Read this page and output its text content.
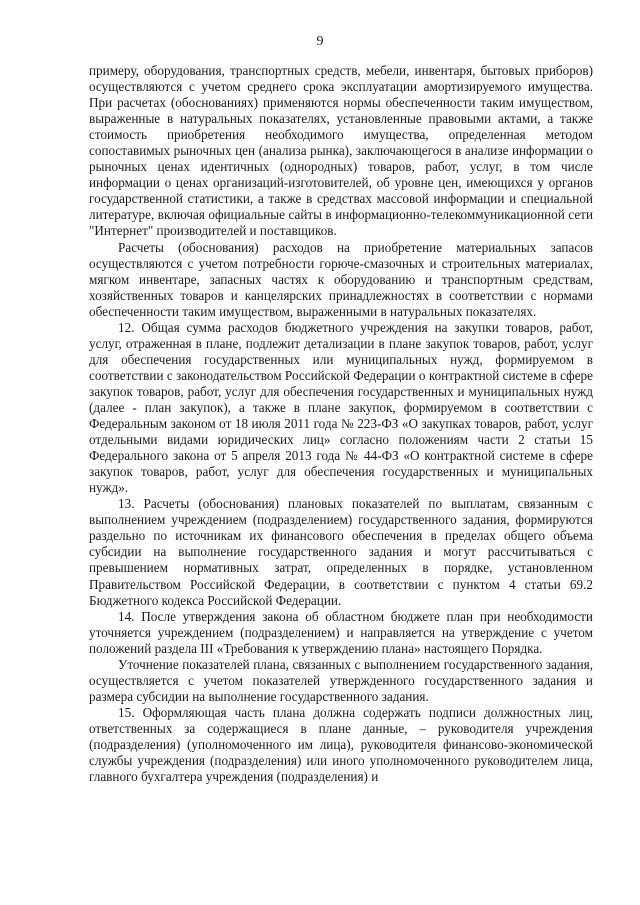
9

примеру, оборудования, транспортных средств, мебели, инвентаря, бытовых приборов) осуществляются с учетом среднего срока эксплуатации амортизируемого имущества. При расчетах (обоснованиях) применяются нормы обеспеченности таким имуществом, выраженные в натуральных показателях, установленные правовыми актами, а также стоимость приобретения необходимого имущества, определенная методом сопоставимых рыночных цен (анализа рынка), заключающегося в анализе информации о рыночных ценах идентичных (однородных) товаров, работ, услуг, в том числе информации о ценах организаций-изготовителей, об уровне цен, имеющихся у органов государственной статистики, а также в средствах массовой информации и специальной литературе, включая официальные сайты в информационно-телекоммуникационной сети "Интернет" производителей и поставщиков.

Расчеты (обоснования) расходов на приобретение материальных запасов осуществляются с учетом потребности горюче-смазочных и строительных материалах, мягком инвентаре, запасных частях к оборудованию и транспортным средствам, хозяйственных товаров и канцелярских принадлежностях в соответствии с нормами обеспеченности таким имуществом, выраженными в натуральных показателях.

12. Общая сумма расходов бюджетного учреждения на закупки товаров, работ, услуг, отраженная в плане, подлежит детализации в плане закупок товаров, работ, услуг для обеспечения государственных или муниципальных нужд, формируемом в соответствии с законодательством Российской Федерации о контрактной системе в сфере закупок товаров, работ, услуг для обеспечения государственных и муниципальных нужд (далее - план закупок), а также в плане закупок, формируемом в соответствии с Федеральным законом от 18 июля 2011 года № 223-ФЗ «О закупках товаров, работ, услуг отдельными видами юридических лиц» согласно положениям части 2 статьи 15 Федерального закона от 5 апреля 2013 года № 44-ФЗ «О контрактной системе в сфере закупок товаров, работ, услуг для обеспечения государственных и муниципальных нужд».

13. Расчеты (обоснования) плановых показателей по выплатам, связанным с выполнением учреждением (подразделением) государственного задания, формируются раздельно по источникам их финансового обеспечения в пределах общего объема субсидии на выполнение государственного задания и могут рассчитываться с превышением нормативных затрат, определенных в порядке, установленном Правительством Российской Федерации, в соответствии с пунктом 4 статьи 69.2 Бюджетного кодекса Российской Федерации.

14. После утверждения закона об областном бюджете план при необходимости уточняется учреждением (подразделением) и направляется на утверждение с учетом положений раздела III «Требования к утверждению плана» настоящего Порядка.

Уточнение показателей плана, связанных с выполнением государственного задания, осуществляется с учетом показателей утвержденного государственного задания и размера субсидии на выполнение государственного задания.

15. Оформляющая часть плана должна содержать подписи должностных лиц, ответственных за содержащиеся в плане данные, – руководителя учреждения (подразделения) (уполномоченного им лица), руководителя финансово-экономической службы учреждения (подразделения) или иного уполномоченного руководителем лица, главного бухгалтера учреждения (подразделения) и
